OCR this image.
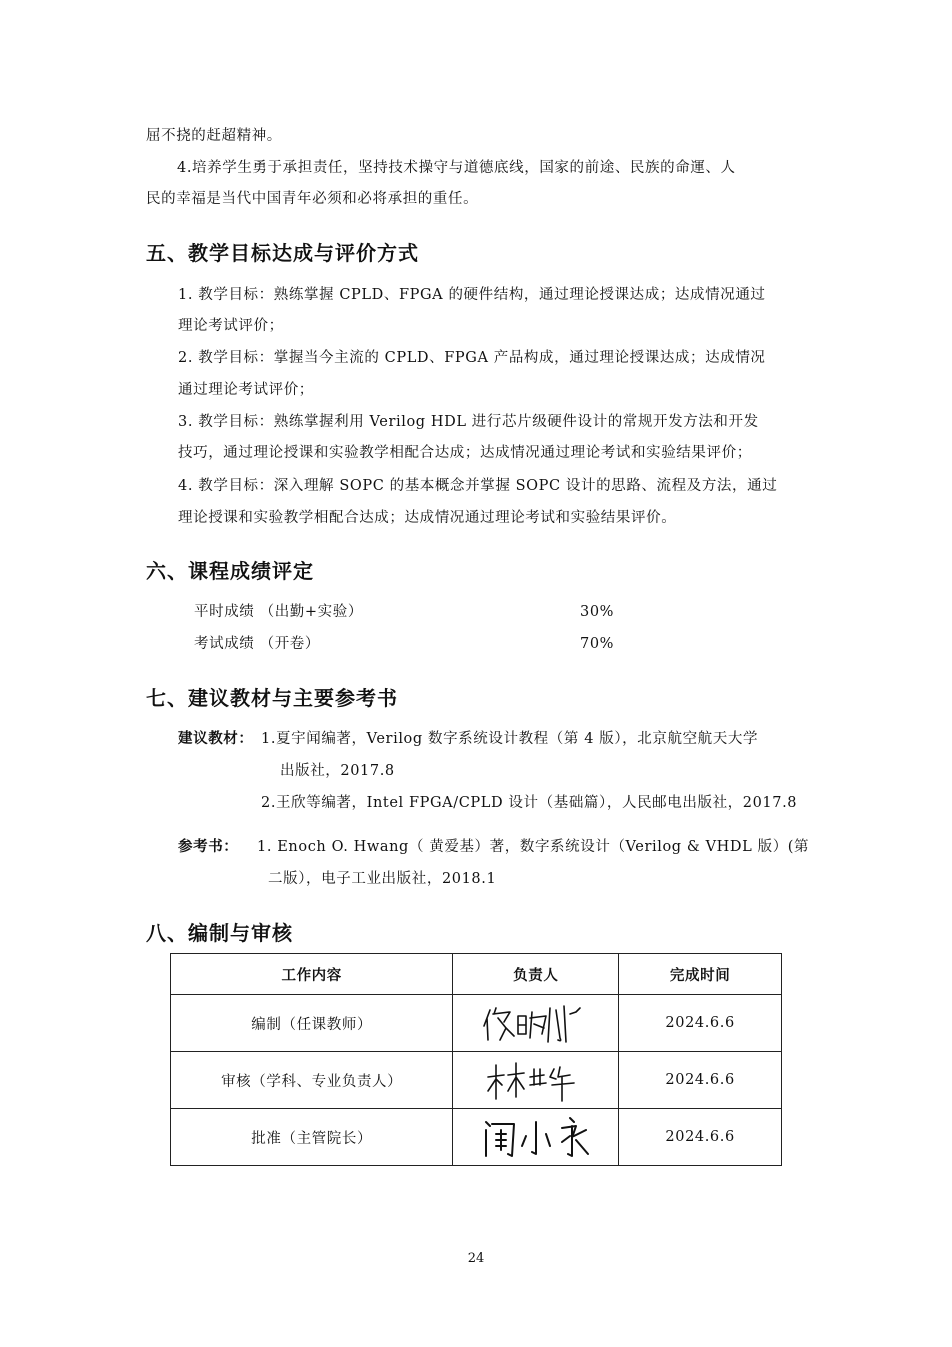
屈不挠的赶超精神。
4.培养学生勇于承担责任，坚持技术操守与道德底线，国家的前途、民族的命運、人
民的幸福是当代中国青年必须和必将承担的重任。
五、教学目标达成与评价方式
1. 教学目标：熟练掌握 CPLD、FPGA 的硬件结构，通过理论授课达成；达成情况通过
理论考试评价；
2. 教学目标：掌握当今主流的 CPLD、FPGA 产品构成，通过理论授课达成；达成情况
通过理论考试评价；
3. 教学目标：熟练掌握利用 Verilog HDL 进行芯片级硬件设计的常规开发方法和开发
技巧，通过理论授课和实验教学相配合达成；达成情况通过理论考试和实验结果评价；
4. 教学目标：深入理解 SOPC 的基本概念并掌握 SOPC 设计的思路、流程及方法，通过
理论授课和实验教学相配合达成；达成情况通过理论考试和实验结果评价。
六、课程成绩评定
平时成绩 （出勤+实验）	30%
考试成绩 （开卷）	70%
七、建议教材与主要参考书
建议教材： 1.夏宇闻编著，Verilog 数字系统设计教程（第 4 版），北京航空航天大学
出版社，2017.8
2.王欣等编著，Intel FPGA/CPLD 设计（基础篇），人民邮电出版社，2017.8
参考书： 1. Enoch O. Hwang（ 黄爱基）著，数字系统设计（Verilog & VHDL 版）(第
二版），电子工业出版社，2018.1
八、编制与审核
工作内容	负责人	完成时间
编制（任课教师）		2024.6.6
审核（学科、专业负责人）		2024.6.6
批准（主管院长）		2024.6.6
24
